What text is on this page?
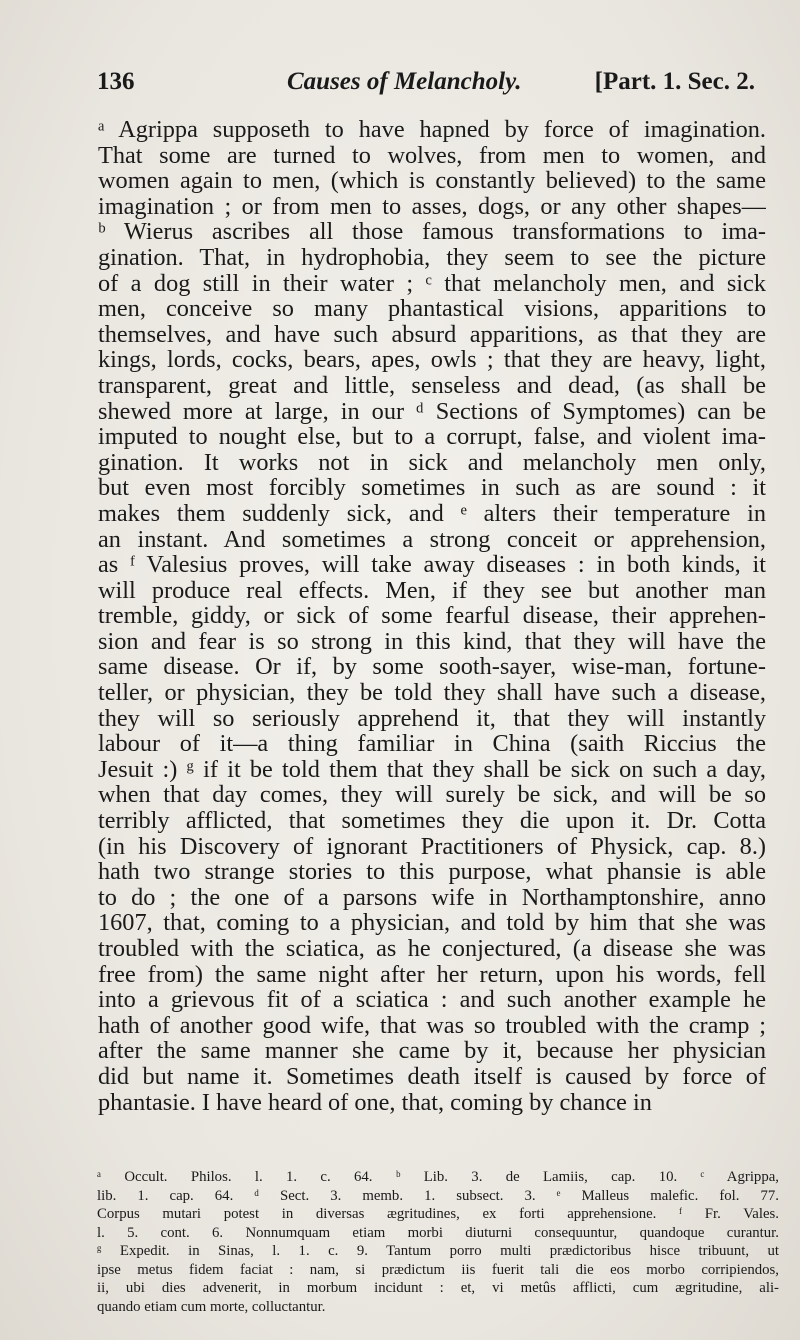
136	Causes of Melancholy.	[Part. 1. Sec. 2.
ᵃ Agrippa supposeth to have hapned by force of imagination.
That some are turned to wolves, from men to women, and
women again to men, (which is constantly believed) to the same
imagination ; or from men to asses, dogs, or any other shapes—
ᵇ Wierus ascribes all those famous transformations to ima-
gination. That, in hydrophobia, they seem to see the picture
of a dog still in their water ; ᶜ that melancholy men, and sick
men, conceive so many phantastical visions, apparitions to
themselves, and have such absurd apparitions, as that they are
kings, lords, cocks, bears, apes, owls ; that they are heavy, light,
transparent, great and little, senseless and dead, (as shall be
shewed more at large, in our ᵈ Sections of Symptomes) can be
imputed to nought else, but to a corrupt, false, and violent ima-
gination. It works not in sick and melancholy men only,
but even most forcibly sometimes in such as are sound : it
makes them suddenly sick, and ᵉ alters their temperature in
an instant. And sometimes a strong conceit or apprehension,
as ᶠ Valesius proves, will take away diseases : in both kinds, it
will produce real effects. Men, if they see but another man
tremble, giddy, or sick of some fearful disease, their apprehen-
sion and fear is so strong in this kind, that they will have the
same disease. Or if, by some sooth-sayer, wise-man, fortune-
teller, or physician, they be told they shall have such a disease,
they will so seriously apprehend it, that they will instantly
labour of it—a thing familiar in China (saith Riccius the
Jesuit :) ᵍ if it be told them that they shall be sick on such a day,
when that day comes, they will surely be sick, and will be so
terribly afflicted, that sometimes they die upon it. Dr. Cotta
(in his Discovery of ignorant Practitioners of Physick, cap. 8.)
hath two strange stories to this purpose, what phansie is able
to do ; the one of a parsons wife in Northamptonshire, anno
1607, that, coming to a physician, and told by him that she was
troubled with the sciatica, as he conjectured, (a disease she was
free from) the same night after her return, upon his words, fell
into a grievous fit of a sciatica : and such another example he
hath of another good wife, that was so troubled with the cramp ;
after the same manner she came by it, because her physician
did but name it. Sometimes death itself is caused by force of
phantasie. I have heard of one, that, coming by chance in
ᵃ Occult. Philos. l. 1. c. 64. ᵇ Lib. 3. de Lamiis, cap. 10. ᶜ Agrippa,
lib. 1. cap. 64. ᵈ Sect. 3. memb. 1. subsect. 3. ᵉ Malleus malefic. fol. 77.
Corpus mutari potest in diversas ægritudines, ex forti apprehensione. ᶠ Fr. Vales.
l. 5. cont. 6. Nonnumquam etiam morbi diuturni consequuntur, quandoque curantur.
ᵍ Expedit. in Sinas, l. 1. c. 9. Tantum porro multi prædictoribus hisce tribuunt, ut
ipse metus fidem faciat : nam, si prædictum iis fuerit tali die eos morbo corripiendos,
ii, ubi dies advenerit, in morbum incidunt : et, vi metûs afflicti, cum ægritudine, ali-
quando etiam cum morte, colluctantur.
